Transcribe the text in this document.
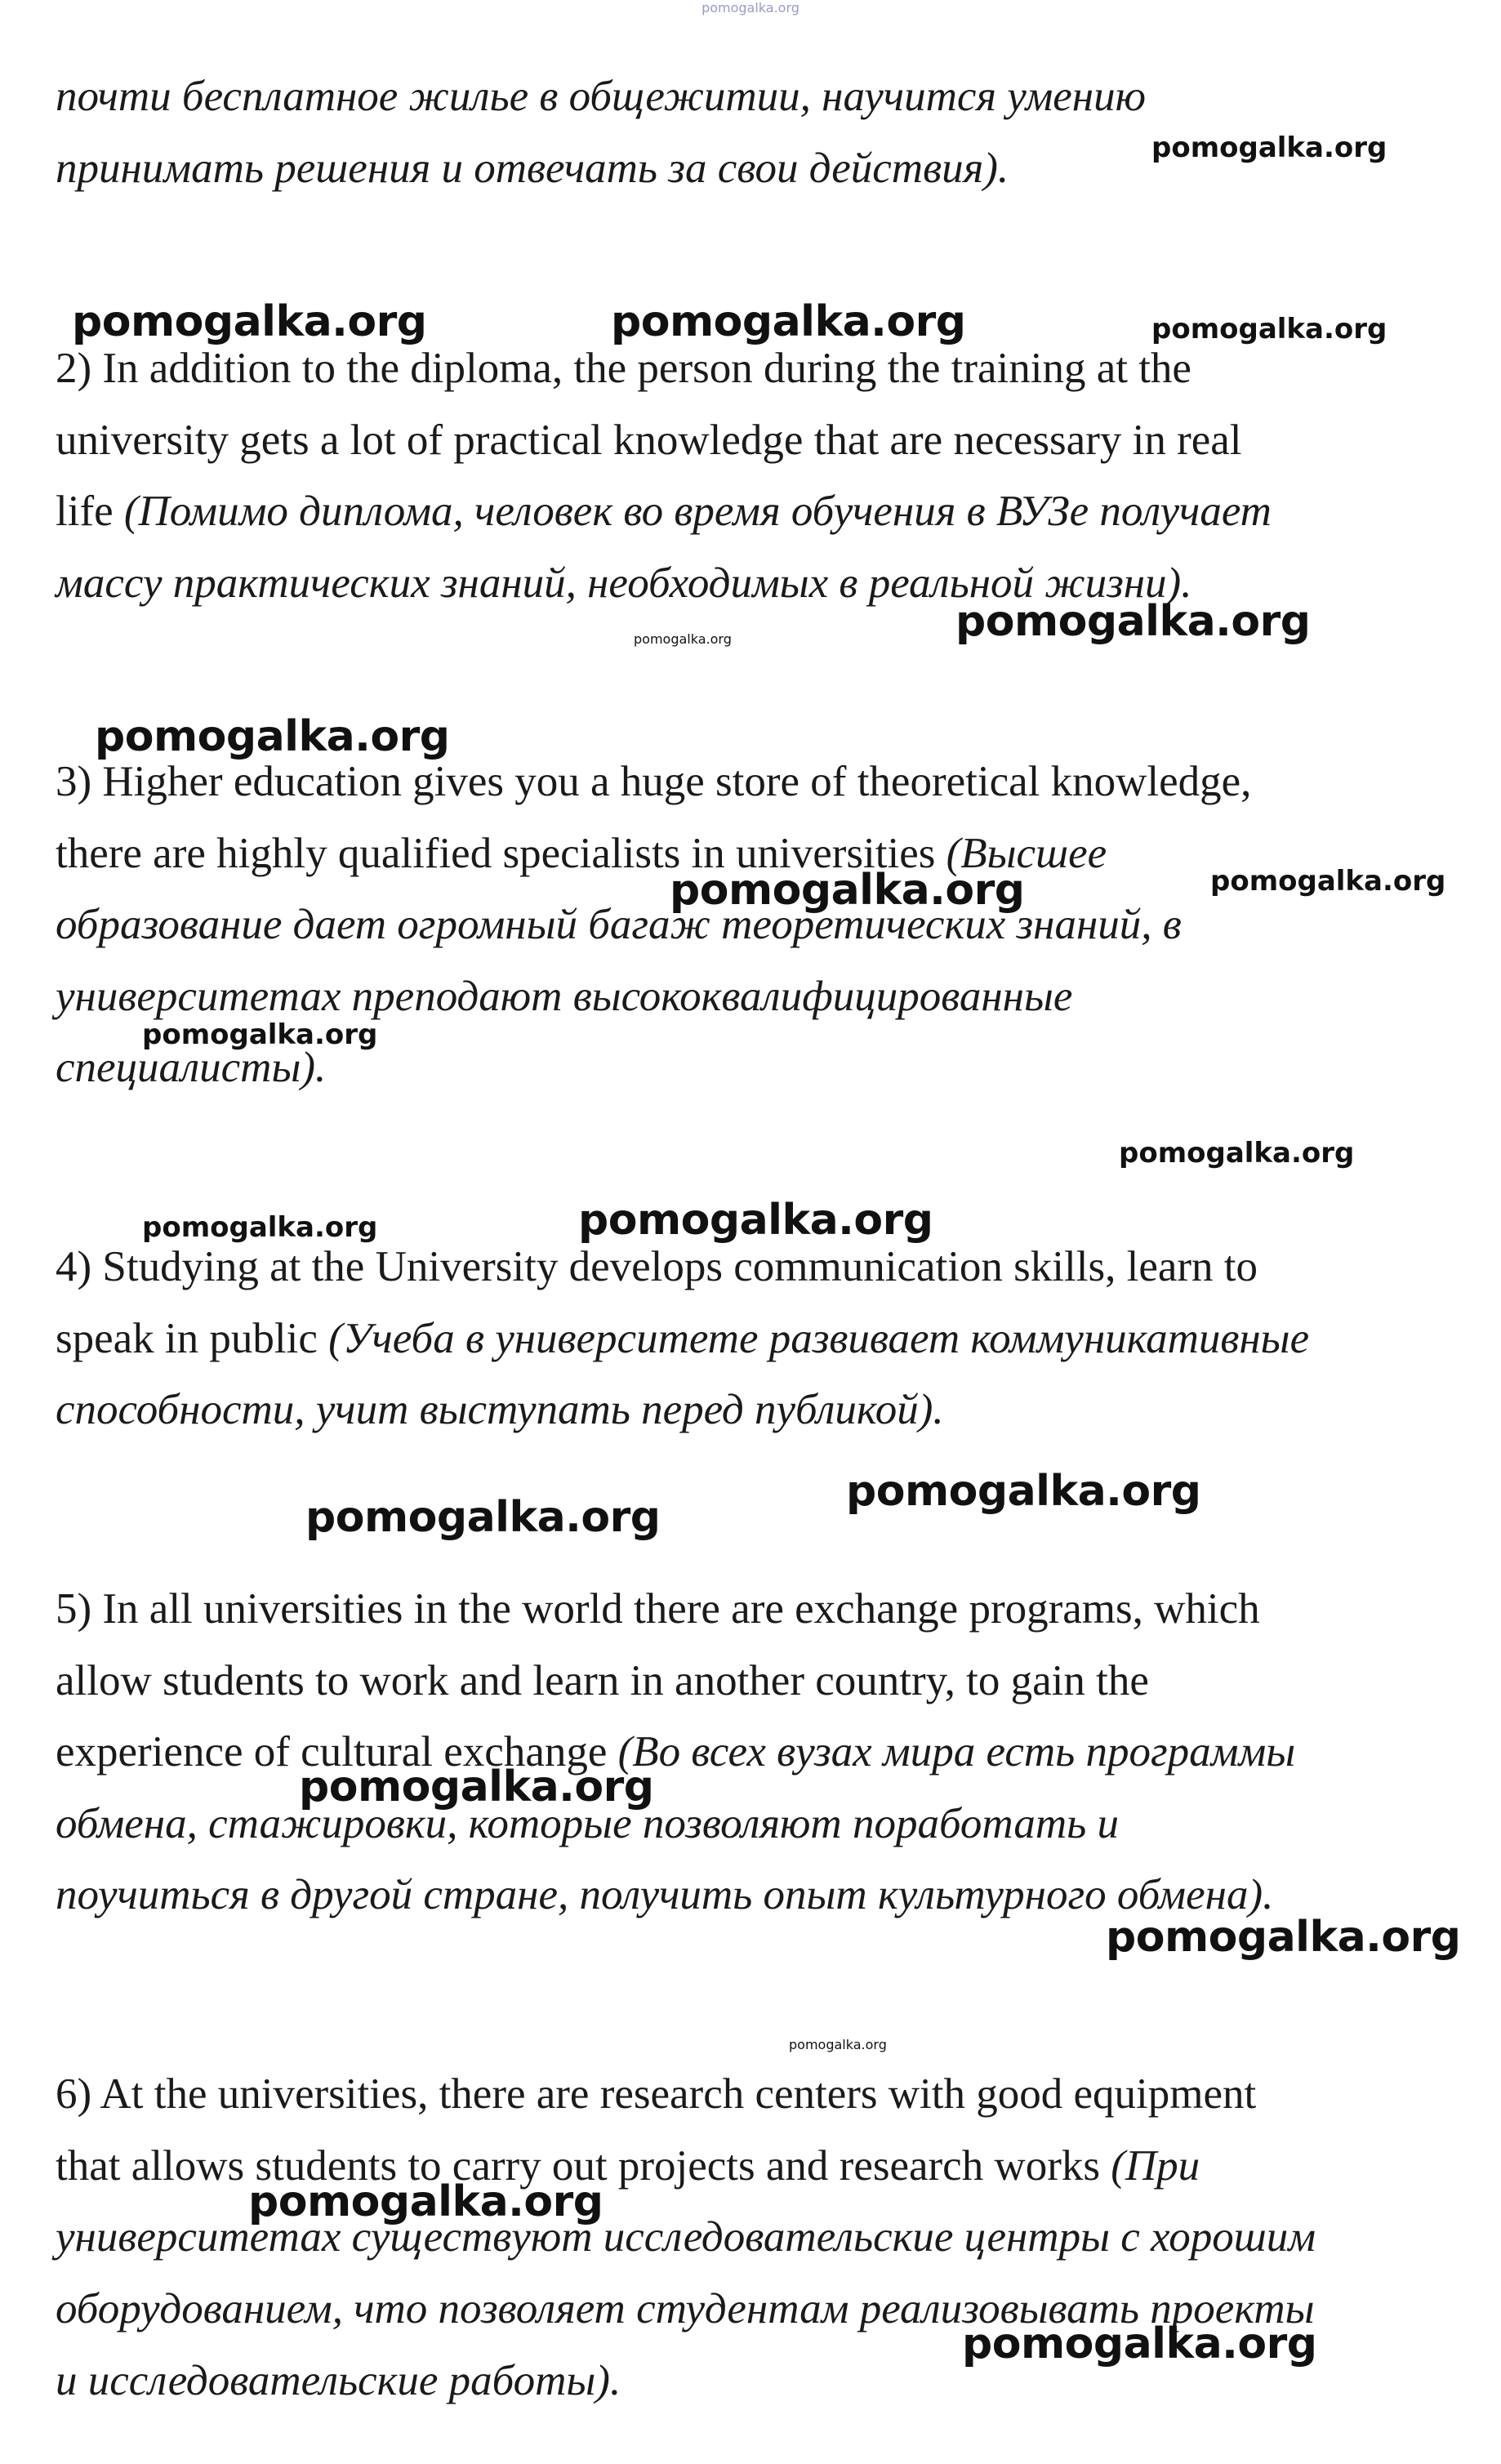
pomogalka.org
почти бесплатное жилье в общежитии, научится умению
принимать решения и отвечать за свои действия).
2) In addition to the diploma, the person during the training at the
university gets a lot of practical knowledge that are necessary in real
life (Помимо диплома, человек во время обучения в ВУЗе получает
массу практических знаний, необходимых в реальной жизни).
3) Higher education gives you a huge store of theoretical knowledge,
there are highly qualified specialists in universities (Высшее
образование дает огромный багаж теоретических знаний, в
университетах преподают высококвалифицированные
специалисты).
4) Studying at the University develops communication skills, learn to
speak in public (Учеба в университете развивает коммуникативные
способности, учит выступать перед публикой).
5) In all universities in the world there are exchange programs, which
allow students to work and learn in another country, to gain the
experience of cultural exchange (Во всех вузах мира есть программы
обмена, стажировки, которые позволяют поработать и
поучиться в другой стране, получить опыт культурного обмена).
6) At the universities, there are research centers with good equipment
that allows students to carry out projects and research works (При
университетах существуют исследовательские центры с хорошим
оборудованием, что позволяет студентам реализовывать проекты
и исследовательские работы).
pomogalka.org
pomogalka.org	pomogalka.org	pomogalka.org
pomogalka.org	pomogalka.org
pomogalka.org
pomogalka.org	pomogalka.org
pomogalka.org
pomogalka.org
pomogalka.org	pomogalka.org
pomogalka.org
pomogalka.org
pomogalka.org
pomogalka.org
pomogalka.org
pomogalka.org
pomogalka.org
